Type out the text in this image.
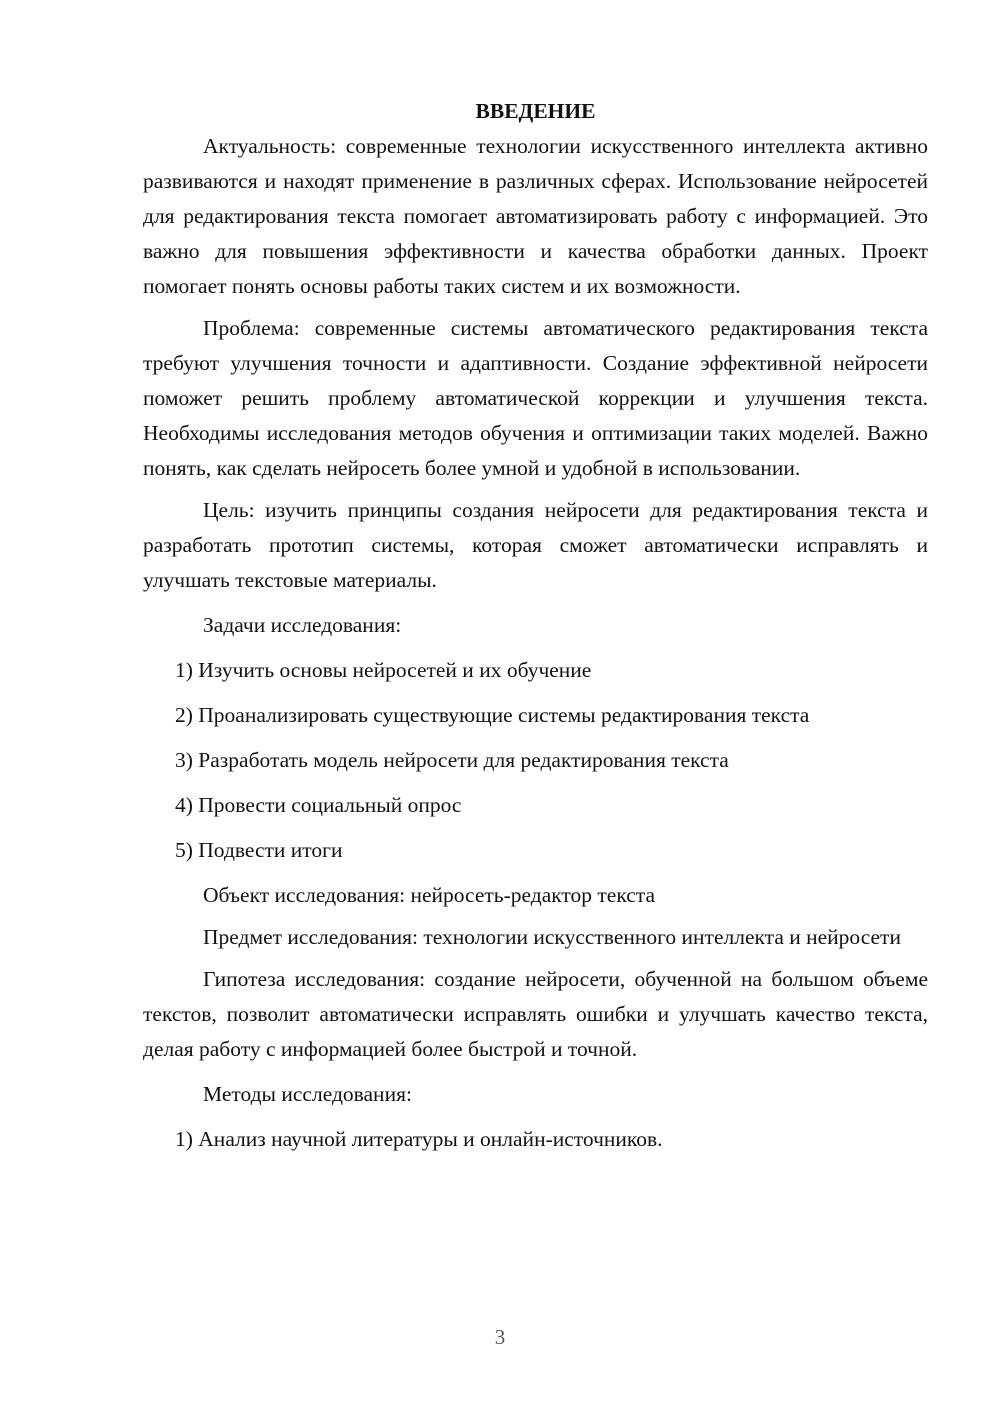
ВВЕДЕНИЕ

Актуальность: современные технологии искусственного интеллекта активно развиваются и находят применение в различных сферах. Использование нейросетей для редактирования текста помогает автоматизировать работу с информацией. Это важно для повышения эффективности и качества обработки данных. Проект помогает понять основы работы таких систем и их возможности.

Проблема: современные системы автоматического редактирования текста требуют улучшения точности и адаптивности. Создание эффективной нейросети поможет решить проблему автоматической коррекции и улучшения текста. Необходимы исследования методов обучения и оптимизации таких моделей. Важно понять, как сделать нейросеть более умной и удобной в использовании.

Цель: изучить принципы создания нейросети для редактирования текста и разработать прототип системы, которая сможет автоматически исправлять и улучшать текстовые материалы.

Задачи исследования:

1) Изучить основы нейросетей и их обучение

2) Проанализировать существующие системы редактирования текста

3) Разработать модель нейросети для редактирования текста

4) Провести социальный опрос

5) Подвести итоги

Объект исследования: нейросеть-редактор текста

Предмет исследования: технологии искусственного интеллекта и нейросети

Гипотеза исследования: создание нейросети, обученной на большом объеме текстов, позволит автоматически исправлять ошибки и улучшать качество текста, делая работу с информацией более быстрой и точной.

Методы исследования:

1) Анализ научной литературы и онлайн-источников.

3
